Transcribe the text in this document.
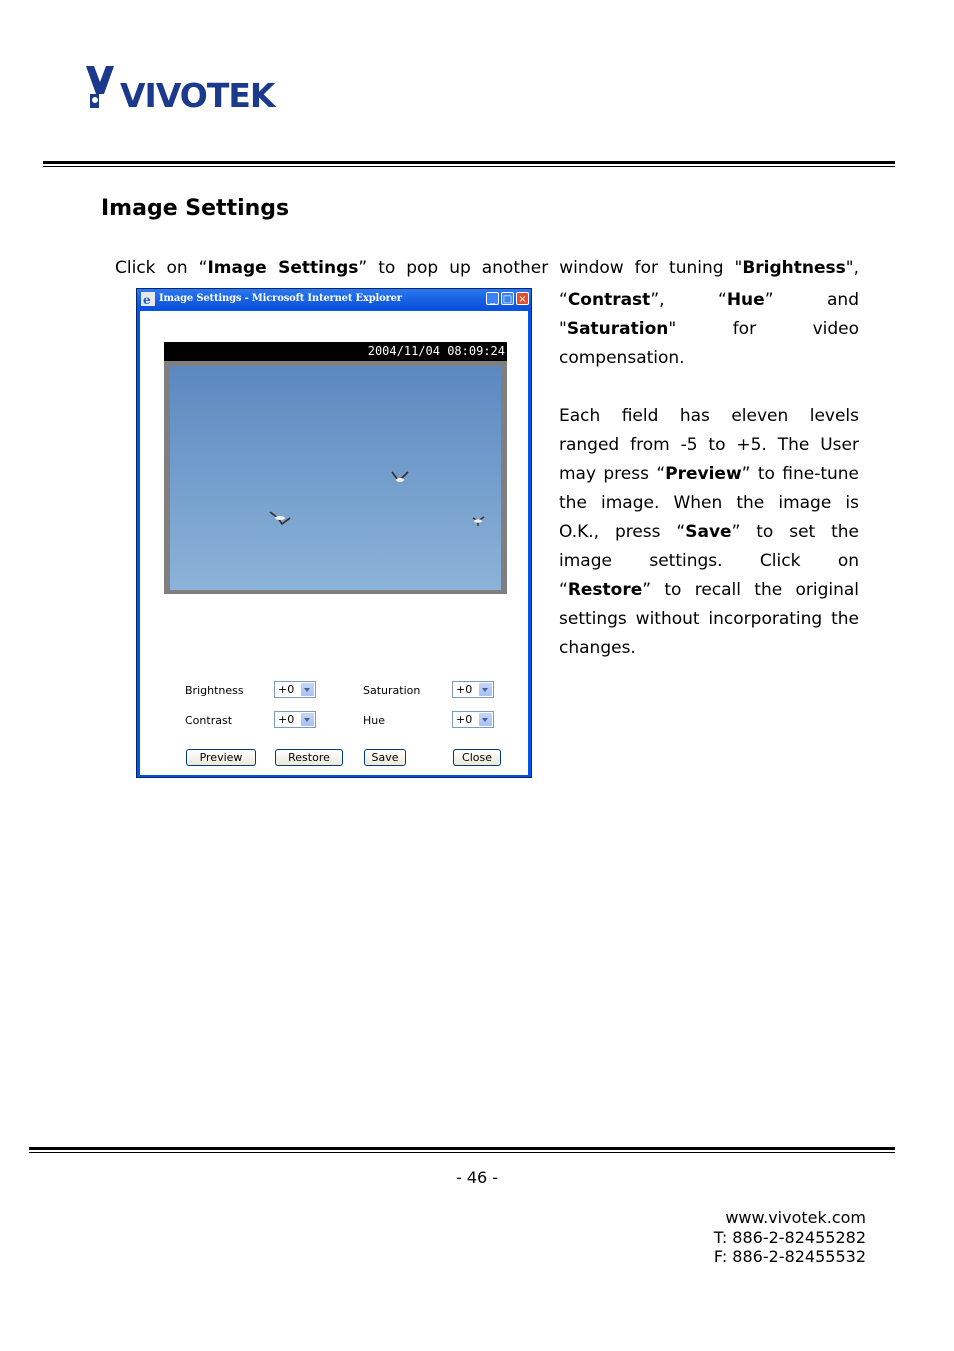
VIVOTEK
Image Settings
Click on “Image Settings” to pop up another window for tuning "Brightness",

“Contrast”, “Hue” and "Saturation" for video compensation.

Each field has eleven levels ranged from -5 to +5. The User may press “Preview” to fine-tune the image. When the image is O.K., press “Save” to set the image settings. Click on “Restore” to recall the original settings without incorporating the changes.

e Image Settings - Microsoft Internet Explorer	_ □ ×
2004/11/04 08:09:24
Brightness	+0	Saturation	+0
Contrast	+0	Hue	+0
Preview	Restore	Save	Close
- 46 -
www.vivotek.com
T: 886-2-82455282
F: 886-2-82455532
